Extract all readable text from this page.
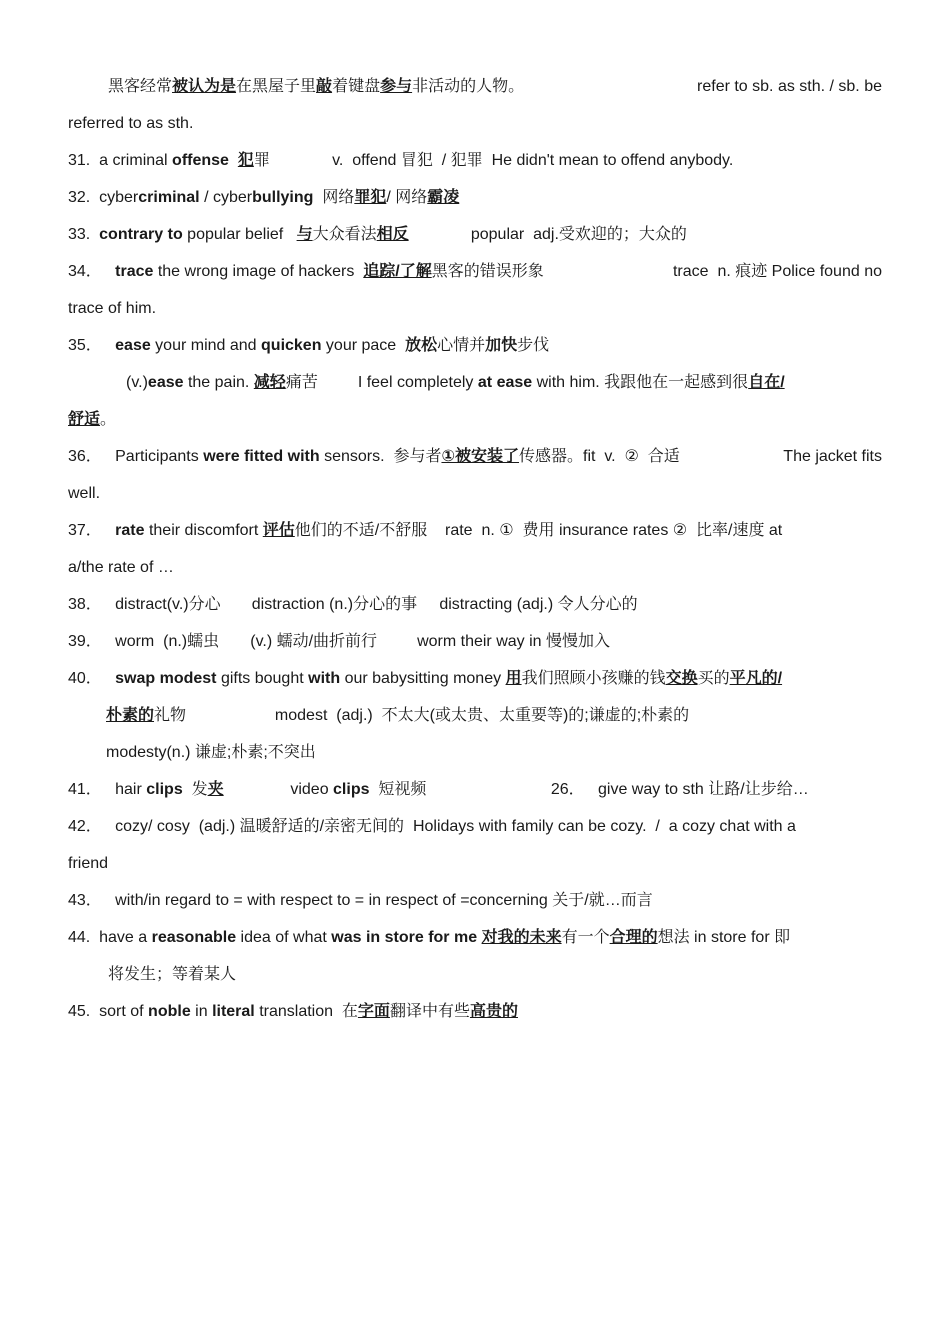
黑客经常被认为是在黑屋子里敲着键盘参与非活动的人物。	refer to sb. as sth. / sb. be
referred to as sth.
31.  a criminal offense 犯罪              v.  offend 冒犯  / 犯罪  He didn't mean to offend anybody.
32.  cybercriminal / cyberbullying  网络罪犯/ 网络霸凌
33.  contrary to popular belief   与大众看法相反              popular  adj.受欢迎的；大众的
34．   trace the wrong image of hackers  追踪/了解黑客的错误形象	trace  n. 痕迹 Police found no
trace of him.
35．   ease your mind and quicken your pace  放松心情并加快步伐
(v.)ease the pain. 减轻痛苦         I feel completely at ease with him. 我跟他在一起感到很自在/
舒适。
36．   Participants were fitted with sensors.  参与者①被安装了传感器。fit  v.  ②  合适	The jacket fits
well.
37．   rate their discomfort 评估他们的不适/不舒服    rate  n. ①  费用 insurance rates ②  比率/速度 at
a/the rate of …
38．   distract(v.)分心       distraction (n.)分心的事     distracting (adj.) 令人分心的
39．   worm  (n.)蠕虫       (v.) 蠕动/曲折前行         worm their way in 慢慢加入
40．   swap modest gifts bought with our babysitting money 用我们照顾小孩赚的钱交换买的平凡的/
朴素的礼物                    modest  (adj.)  不太大(或太贵、太重要等)的;谦虚的;朴素的
modesty(n.) 谦虚;朴素;不突出
41．   hair clips  发夹               video clips  短视频                            26．   give way to sth 让路/让步给…
42．   cozy/ cosy  (adj.) 温暖舒适的/亲密无间的  Holidays with family can be cozy.  /  a cozy chat with a
friend
43．   with/in regard to = with respect to = in respect of =concerning 关于/就…而言
44.  have a reasonable idea of what was in store for me 对我的未来有一个合理的想法 in store for 即
将发生；等着某人
45.  sort of noble in literal translation  在字面翻译中有些高贵的
